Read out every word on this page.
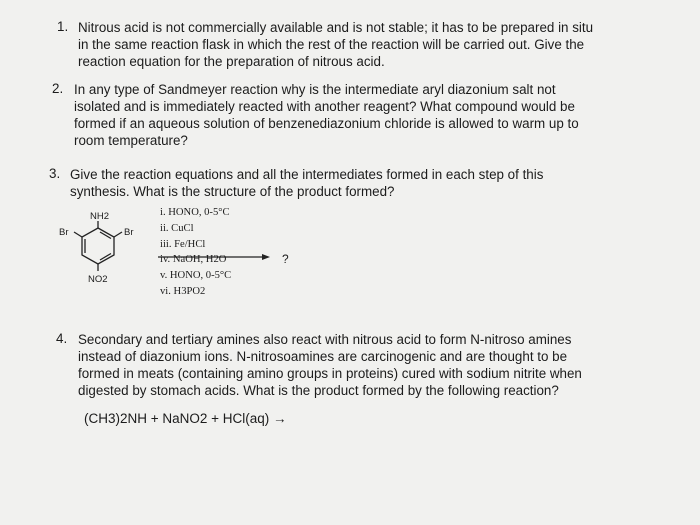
1. Nitrous acid is not commercially available and is not stable; it has to be prepared in situ
in the same reaction flask in which the rest of the reaction will be carried out. Give the
reaction equation for the preparation of nitrous acid.
2. In any type of Sandmeyer reaction why is the intermediate aryl diazonium salt not
isolated and is immediately reacted with another reagent? What compound would be
formed if an aqueous solution of benzenediazonium chloride is allowed to warm up to
room temperature?
3. Give the reaction equations and all the intermediates formed in each step of this
synthesis. What is the structure of the product formed?
NH2
Br	Br
NO2
i. HONO, 0-5°C
ii. CuCl
iii. Fe/HCl
iv. NaOH, H2O
v. HONO, 0-5°C
vi. H3PO2
?
4. Secondary and tertiary amines also react with nitrous acid to form N-nitroso amines
instead of diazonium ions. N-nitrosoamines are carcinogenic and are thought to be
formed in meats (containing amino groups in proteins) cured with sodium nitrite when
digested by stomach acids. What is the product formed by the following reaction?
(CH3)2NH + NaNO2 + HCl(aq) →
